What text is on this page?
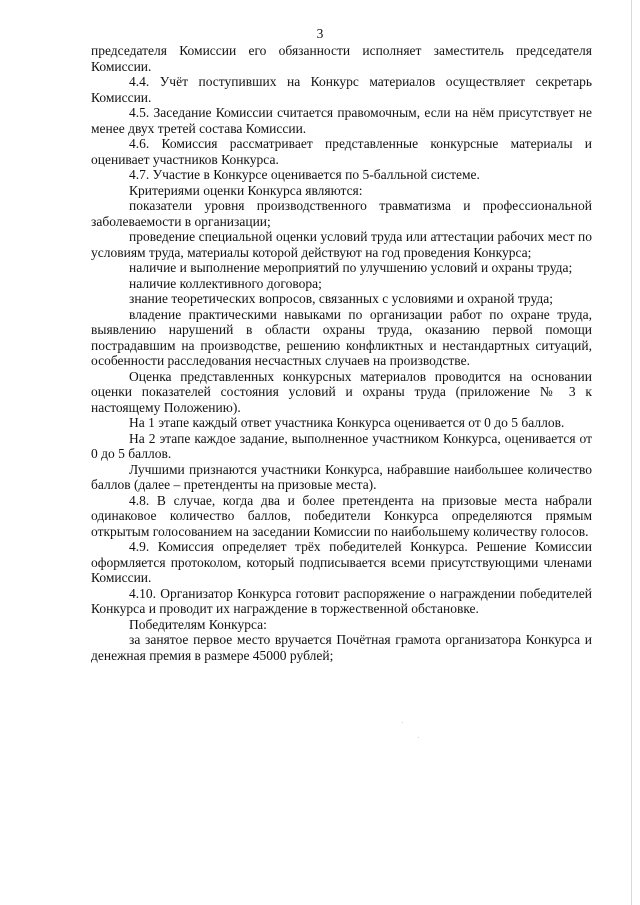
3

председателя Комиссии его обязанности исполняет заместитель председателя Комиссии.

4.4. Учёт поступивших на Конкурс материалов осуществляет секретарь Комиссии.

4.5. Заседание Комиссии считается правомочным, если на нём присутствует не менее двух третей состава Комиссии.

4.6. Комиссия рассматривает представленные конкурсные материалы и оценивает участников Конкурса.

4.7. Участие в Конкурсе оценивается по 5-балльной системе.

Критериями оценки Конкурса являются:

показатели уровня производственного травматизма и профессиональной заболеваемости в организации;

проведение специальной оценки условий труда или аттестации рабочих мест по условиям труда, материалы которой действуют на год проведения Конкурса;

наличие и выполнение мероприятий по улучшению условий и охраны труда;

наличие коллективного договора;

знание теоретических вопросов, связанных с условиями и охраной труда;

владение практическими навыками по организации работ по охране труда, выявлению нарушений в области охраны труда, оказанию первой помощи пострадавшим на производстве, решению конфликтных и нестандартных ситуаций, особенности расследования несчастных случаев на производстве.

Оценка представленных конкурсных материалов проводится на основании оценки показателей состояния условий и охраны труда (приложение № 3 к настоящему Положению).

На 1 этапе каждый ответ участника Конкурса оценивается от 0 до 5 баллов.

На 2 этапе каждое задание, выполненное участником Конкурса, оценивается от 0 до 5 баллов.

Лучшими признаются участники Конкурса, набравшие наибольшее количество баллов (далее – претенденты на призовые места).

4.8. В случае, когда два и более претендента на призовые места набрали одинаковое количество баллов, победители Конкурса определяются прямым открытым голосованием на заседании Комиссии по наибольшему количеству голосов.

4.9. Комиссия определяет трёх победителей Конкурса. Решение Комиссии оформляется протоколом, который подписывается всеми присутствующими членами Комиссии.

4.10. Организатор Конкурса готовит распоряжение о награждении победителей Конкурса и проводит их награждение в торжественной обстановке.

Победителям Конкурса:

за занятое первое место вручается Почётная грамота организатора Конкурса и денежная премия в размере 45000 рублей;
